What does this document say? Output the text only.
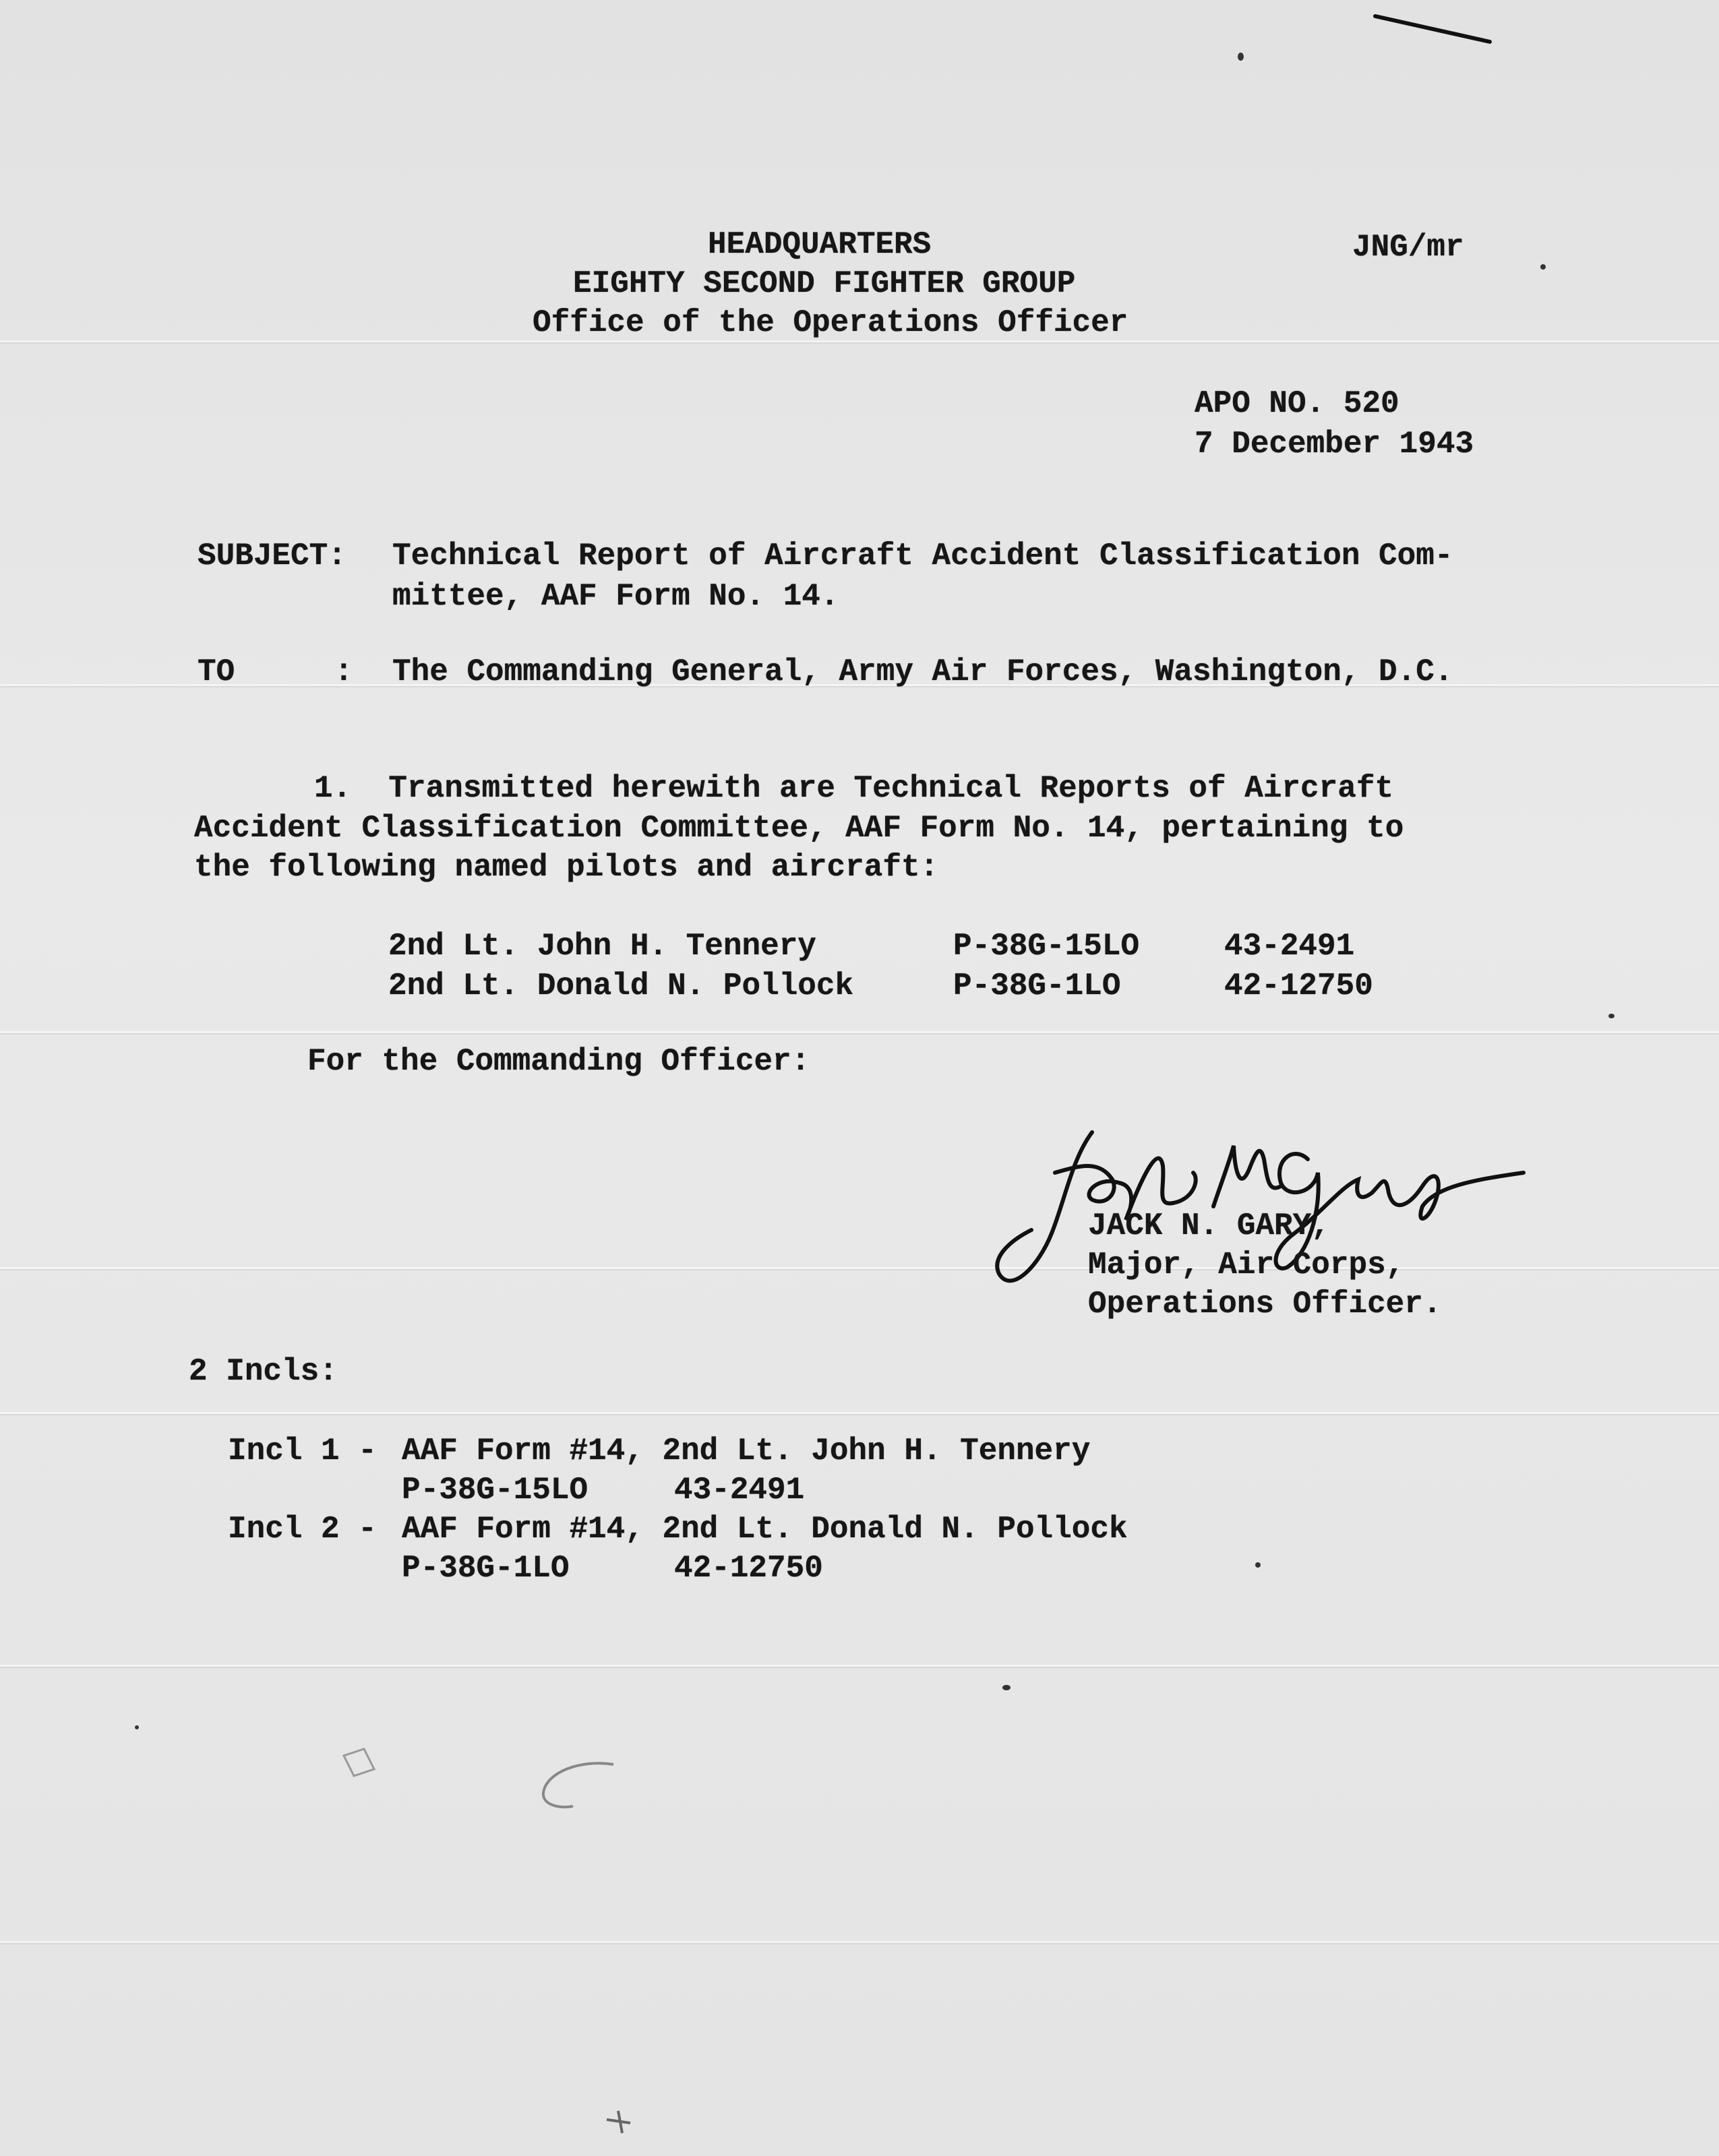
HEADQUARTERS
EIGHTY SECOND FIGHTER GROUP
Office of the Operations Officer
JNG/mr
APO NO. 520
7 December 1943
SUBJECT: Technical Report of Aircraft Accident Classification Com-
mittee, AAF Form No. 14.
TO	: The Commanding General, Army Air Forces, Washington, D.C.
1.  Transmitted herewith are Technical Reports of Aircraft
Accident Classification Committee, AAF Form No. 14, pertaining to
the following named pilots and aircraft:
2nd Lt. John H. Tennery	P-38G-15LO	43-2491
2nd Lt. Donald N. Pollock	P-38G-1LO	42-12750
For the Commanding Officer:
JACK N. GARY,
Major, Air Corps,
Operations Officer.
2 Incls:
Incl 1 - AAF Form #14, 2nd Lt. John H. Tennery
P-38G-15LO	43-2491
Incl 2 - AAF Form #14, 2nd Lt. Donald N. Pollock
P-38G-1LO	42-12750
